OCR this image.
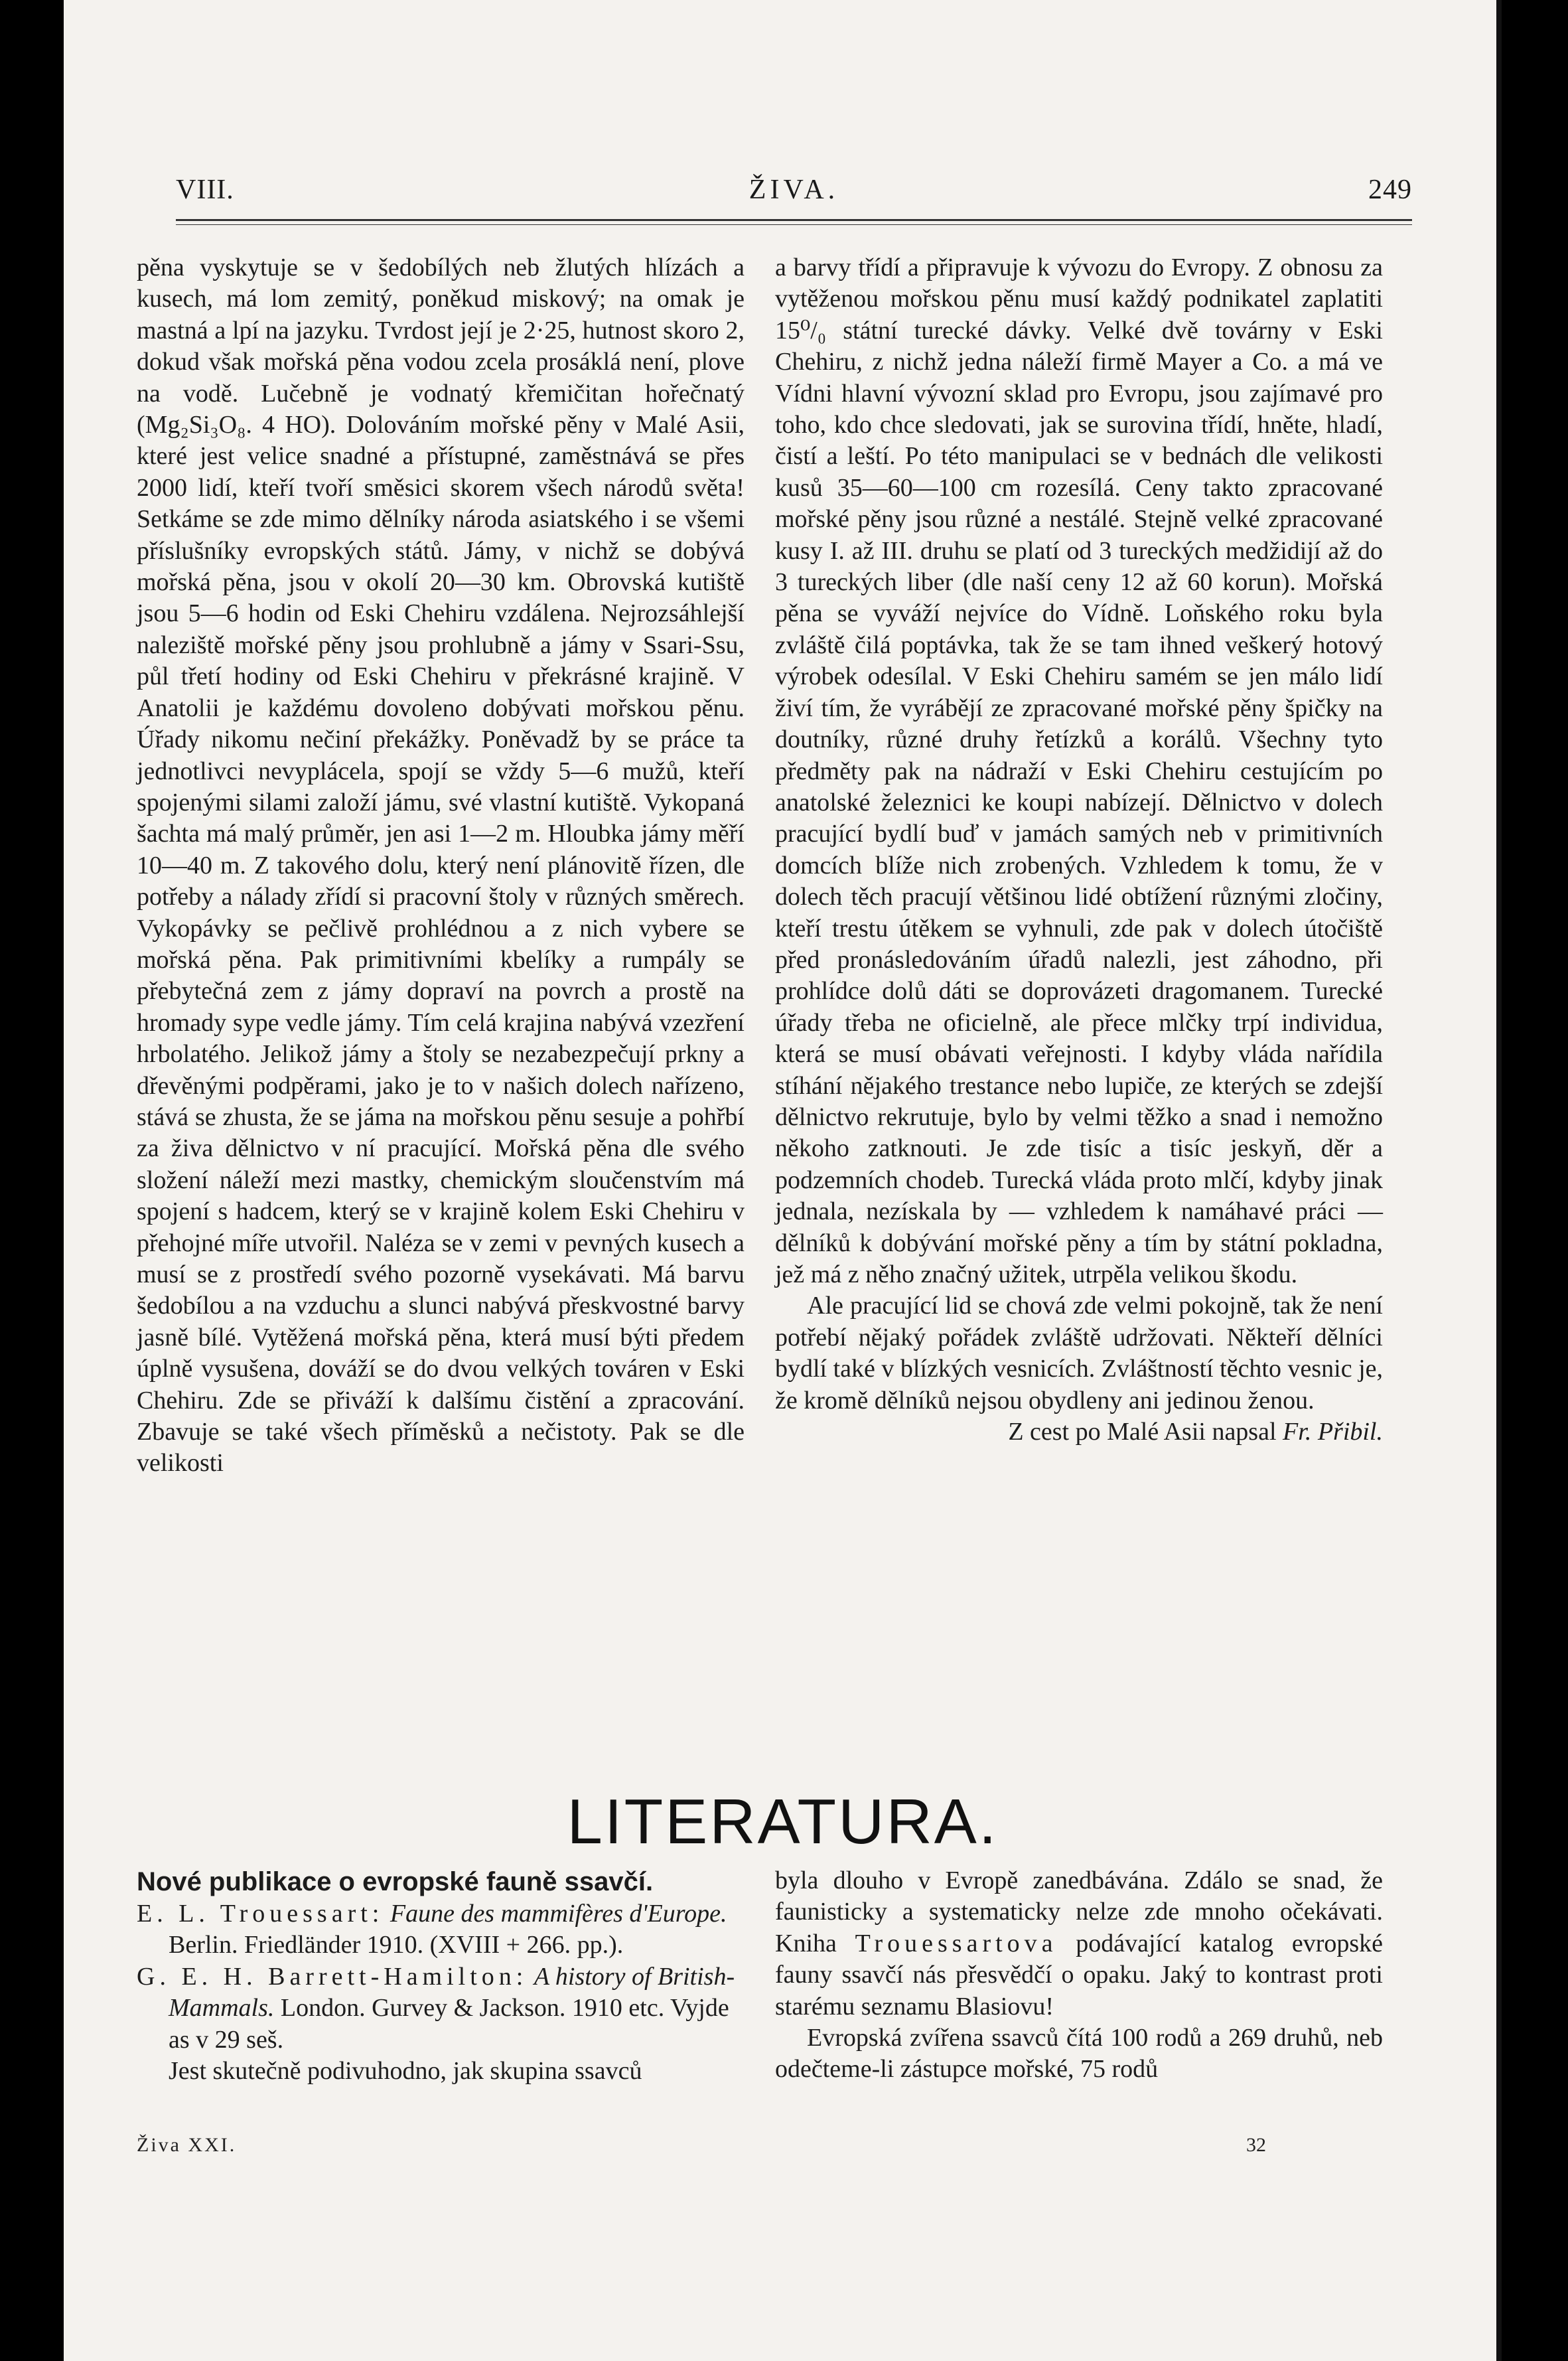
VIII.	ŽIVA.	249

pěna vyskytuje se v šedobílých neb žlutých hlízách a kusech, má lom zemitý, poněkud miskový; na omak je mastná a lpí na jazyku. Tvrdost její je 2·25, hutnost skoro 2, dokud však mořská pěna vodou zcela prosáklá není, plove na vodě. Lučebně je vodnatý křemičitan hořečnatý (Mg₂Si₃O₈. 4 HO). Dolováním mořské pěny v Malé Asii, které jest velice snadné a přístupné, zaměstnává se přes 2000 lidí, kteří tvoří směsici skorem všech národů světa! Setkáme se zde mimo dělníky národa asiatského i se všemi příslušníky evropských států. Jámy, v nichž se dobývá mořská pěna, jsou v okolí 20—30 km. Obrovská kutiště jsou 5—6 hodin od Eski Chehiru vzdálena. Nejrozsáhlejší naleziště mořské pěny jsou prohlubně a jámy v Ssari-Ssu, půl třetí hodiny od Eski Chehiru v překrásné krajině. V Anatolii je každému dovoleno dobývati mořskou pěnu. Úřady nikomu nečiní překážky. Poněvadž by se práce ta jednotlivci nevyplácela, spojí se vždy 5—6 mužů, kteří spojenými silami založí jámu, své vlastní kutiště. Vykopaná šachta má malý průměr, jen asi 1—2 m. Hloubka jámy měří 10—40 m. Z takového dolu, který není plánovitě řízen, dle potřeby a nálady zřídí si pracovní štoly v různých směrech. Vykopávky se pečlivě prohlédnou a z nich vybere se mořská pěna. Pak primitivními kbelíky a rumpály se přebytečná zem z jámy dopraví na povrch a prostě na hromady sype vedle jámy. Tím celá krajina nabývá vzezření hrbolatého. Jelikož jámy a štoly se nezabezpečují prkny a dřevěnými podpěrami, jako je to v našich dolech nařízeno, stává se zhusta, že se jáma na mořskou pěnu sesuje a pohřbí za živa dělnictvo v ní pracující. Mořská pěna dle svého složení náleží mezi mastky, chemickým sloučenstvím má spojení s hadcem, který se v krajině kolem Eski Chehiru v přehojné míře utvořil. Naléza se v zemi v pevných kusech a musí se z prostředí svého pozorně vysekávati. Má barvu šedobílou a na vzduchu a slunci nabývá přeskvostné barvy jasně bílé. Vytěžená mořská pěna, která musí býti předem úplně vysušena, dováží se do dvou velkých továren v Eski Chehiru. Zde se přiváží k dalšímu čistění a zpracování. Zbavuje se také všech příměsků a nečistoty. Pak se dle velikosti

a barvy třídí a připravuje k vývozu do Evropy. Z obnosu za vytěženou mořskou pěnu musí každý podnikatel zaplatiti 15⁰/₀ státní turecké dávky. Velké dvě továrny v Eski Chehiru, z nichž jedna náleží firmě Mayer a Co. a má ve Vídni hlavní vývozní sklad pro Evropu, jsou zajímavé pro toho, kdo chce sledovati, jak se surovina třídí, hněte, hladí, čistí a leští. Po této manipulaci se v bednách dle velikosti kusů 35—60—100 cm rozesílá. Ceny takto zpracované mořské pěny jsou různé a nestálé. Stejně velké zpracované kusy I. až III. druhu se platí od 3 tureckých medžidijí až do 3 tureckých liber (dle naší ceny 12 až 60 korun). Mořská pěna se vyváží nejvíce do Vídně. Loňského roku byla zvláště čilá poptávka, tak že se tam ihned veškerý hotový výrobek odesílal. V Eski Chehiru samém se jen málo lidí živí tím, že vyrábějí ze zpracované mořské pěny špičky na doutníky, různé druhy řetízků a korálů. Všechny tyto předměty pak na nádraží v Eski Chehiru cestujícím po anatolské železnici ke koupi nabízejí. Dělnictvo v dolech pracující bydlí buď v jamách samých neb v primitivních domcích blíže nich zrobených. Vzhledem k tomu, že v dolech těch pracují většinou lidé obtížení různými zločiny, kteří trestu útěkem se vyhnuli, zde pak v dolech útočiště před pronásledováním úřadů nalezli, jest záhodno, při prohlídce dolů dáti se doprovázeti dragomanem. Turecké úřady třeba ne oficielně, ale přece mlčky trpí individua, která se musí obávati veřejnosti. I kdyby vláda nařídila stíhání nějakého trestance nebo lupiče, ze kterých se zdejší dělnictvo rekrutuje, bylo by velmi těžko a snad i nemožno někoho zatknouti. Je zde tisíc a tisíc jeskyň, děr a podzemních chodeb. Turecká vláda proto mlčí, kdyby jinak jednala, nezískala by — vzhledem k namáhavé práci — dělníků k dobývání mořské pěny a tím by státní pokladna, jež má z něho značný užitek, utrpěla velikou škodu.

Ale pracující lid se chová zde velmi pokojně, tak že není potřebí nějaký pořádek zvláště udržovati. Někteří dělníci bydlí také v blízkých vesnicích. Zvláštností těchto vesnic je, že kromě dělníků nejsou obydleny ani jedinou ženou.

Z cest po Malé Asii napsal Fr. Přibil.

LITERATURA.

Nové publikace o evropské fauně ssavčí.

E. L. Trouessart: Faune des mammifères d'Europe. Berlin. Friedländer 1910. (XVIII + 266. pp.).

G. E. H. Barrett-Hamilton: A history of British-Mammals. London. Gurvey & Jackson. 1910 etc. Vyjde as v 29 seš.

Jest skutečně podivuhodno, jak skupina ssavců

byla dlouho v Evropě zanedbávána. Zdálo se snad, že faunisticky a systematicky nelze zde mnoho očekávati. Kniha Trouessartova podávající katalog evropské fauny ssavčí nás přesvědčí o opaku. Jaký to kontrast proti starému seznamu Blasiovu!

Evropská zvířena ssavců čítá 100 rodů a 269 druhů, neb odečteme-li zástupce mořské, 75 rodů

Živa XXI.	32
